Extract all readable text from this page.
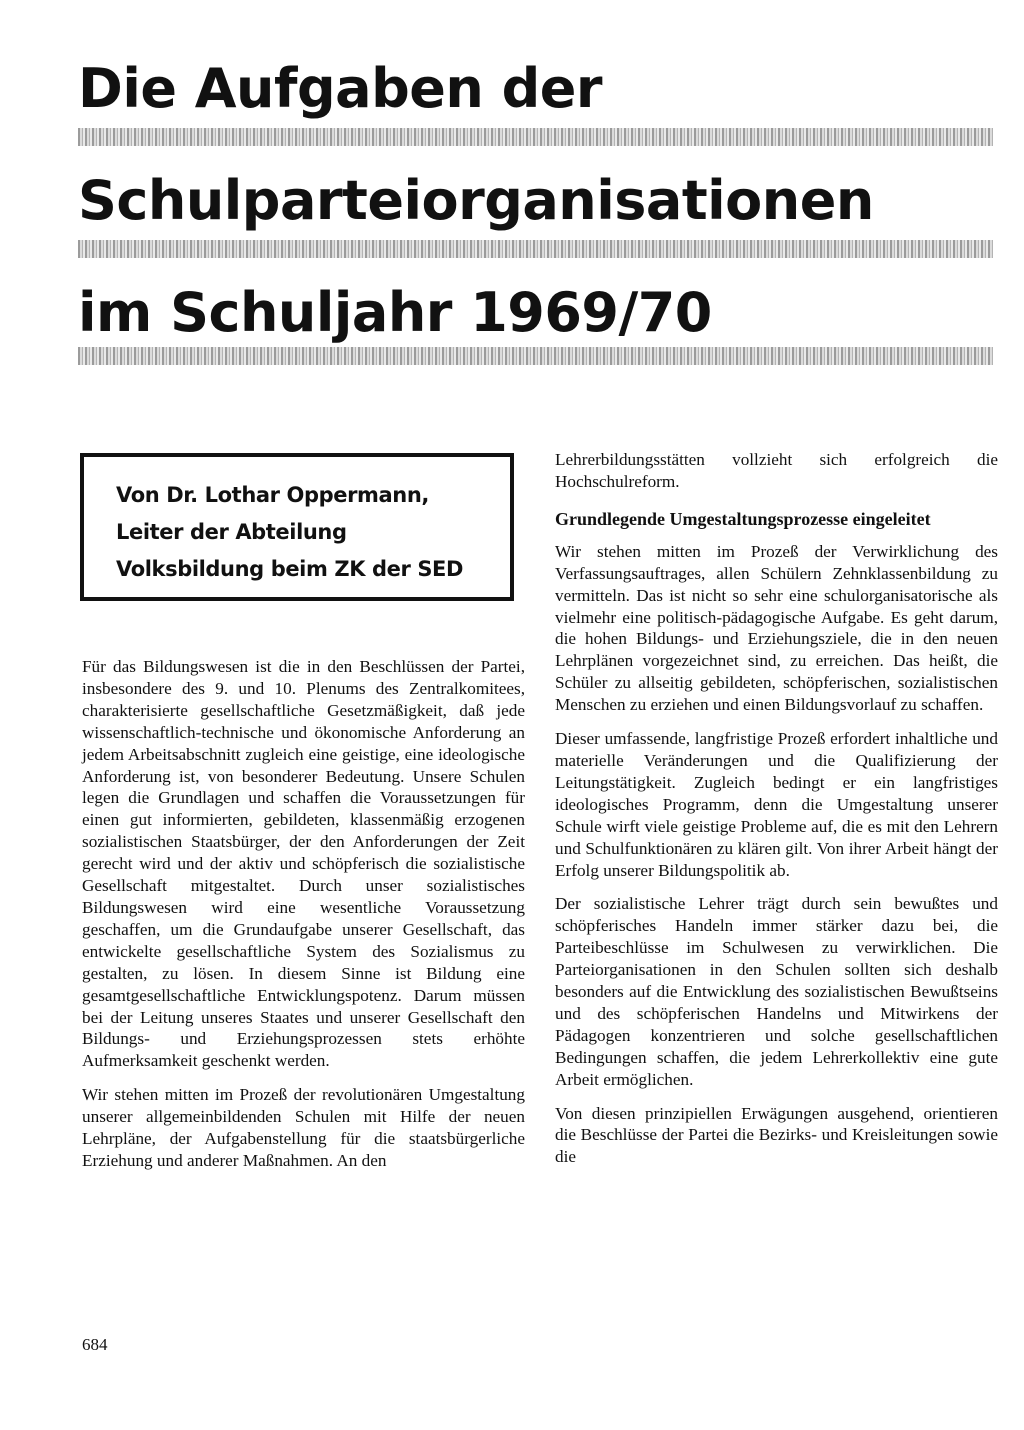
Die Aufgaben der
Schulparteiorganisationen
im Schuljahr 1969/70
Von Dr. Lothar Oppermann,
Leiter der Abteilung
Volksbildung beim ZK der SED

Für das Bildungswesen ist die in den Beschlüssen der Partei, insbesondere des 9. und 10. Plenums des Zentralkomitees, charakterisierte gesellschaftliche Gesetzmäßigkeit, daß jede wissenschaftlich-technische und ökonomische Anforderung an jedem Arbeitsabschnitt zugleich eine geistige, eine ideologische Anforderung ist, von besonderer Bedeutung. Unsere Schulen legen die Grundlagen und schaffen die Voraussetzungen für einen gut informierten, gebildeten, klassenmäßig erzogenen sozialistischen Staatsbürger, der den Anforderungen der Zeit gerecht wird und der aktiv und schöpferisch die sozialistische Gesellschaft mitgestaltet. Durch unser sozialistisches Bildungswesen wird eine wesentliche Voraussetzung geschaffen, um die Grundaufgabe unserer Gesellschaft, das entwickelte gesellschaftliche System des Sozialismus zu gestalten, zu lösen. In diesem Sinne ist Bildung eine gesamtgesellschaftliche Entwicklungspotenz. Darum müssen bei der Leitung unseres Staates und unserer Gesellschaft den Bildungs- und Erziehungsprozessen stets erhöhte Aufmerksamkeit geschenkt werden.

Wir stehen mitten im Prozeß der revolutionären Umgestaltung unserer allgemeinbildenden Schulen mit Hilfe der neuen Lehrpläne, der Aufgabenstellung für die staatsbürgerliche Erziehung und anderer Maßnahmen. An den

Lehrerbildungsstätten vollzieht sich erfolgreich die Hochschulreform.

Grundlegende Umgestaltungsprozesse eingeleitet

Wir stehen mitten im Prozeß der Verwirklichung des Verfassungsauftrages, allen Schülern Zehnklassenbildung zu vermitteln. Das ist nicht so sehr eine schulorganisatorische als vielmehr eine politisch-pädagogische Aufgabe. Es geht darum, die hohen Bildungs- und Erziehungsziele, die in den neuen Lehrplänen vorgezeichnet sind, zu erreichen. Das heißt, die Schüler zu allseitig gebildeten, schöpferischen, sozialistischen Menschen zu erziehen und einen Bildungsvorlauf zu schaffen.

Dieser umfassende, langfristige Prozeß erfordert inhaltliche und materielle Veränderungen und die Qualifizierung der Leitungstätigkeit. Zugleich bedingt er ein langfristiges ideologisches Programm, denn die Umgestaltung unserer Schule wirft viele geistige Probleme auf, die es mit den Lehrern und Schulfunktionären zu klären gilt. Von ihrer Arbeit hängt der Erfolg unserer Bildungspolitik ab.

Der sozialistische Lehrer trägt durch sein bewußtes und schöpferisches Handeln immer stärker dazu bei, die Parteibeschlüsse im Schulwesen zu verwirklichen. Die Parteiorganisationen in den Schulen sollten sich deshalb besonders auf die Entwicklung des sozialistischen Bewußtseins und des schöpferischen Handelns und Mitwirkens der Pädagogen konzentrieren und solche gesellschaftlichen Bedingungen schaffen, die jedem Lehrerkollektiv eine gute Arbeit ermöglichen.

Von diesen prinzipiellen Erwägungen ausgehend, orientieren die Beschlüsse der Partei die Bezirks- und Kreisleitungen sowie die

684
